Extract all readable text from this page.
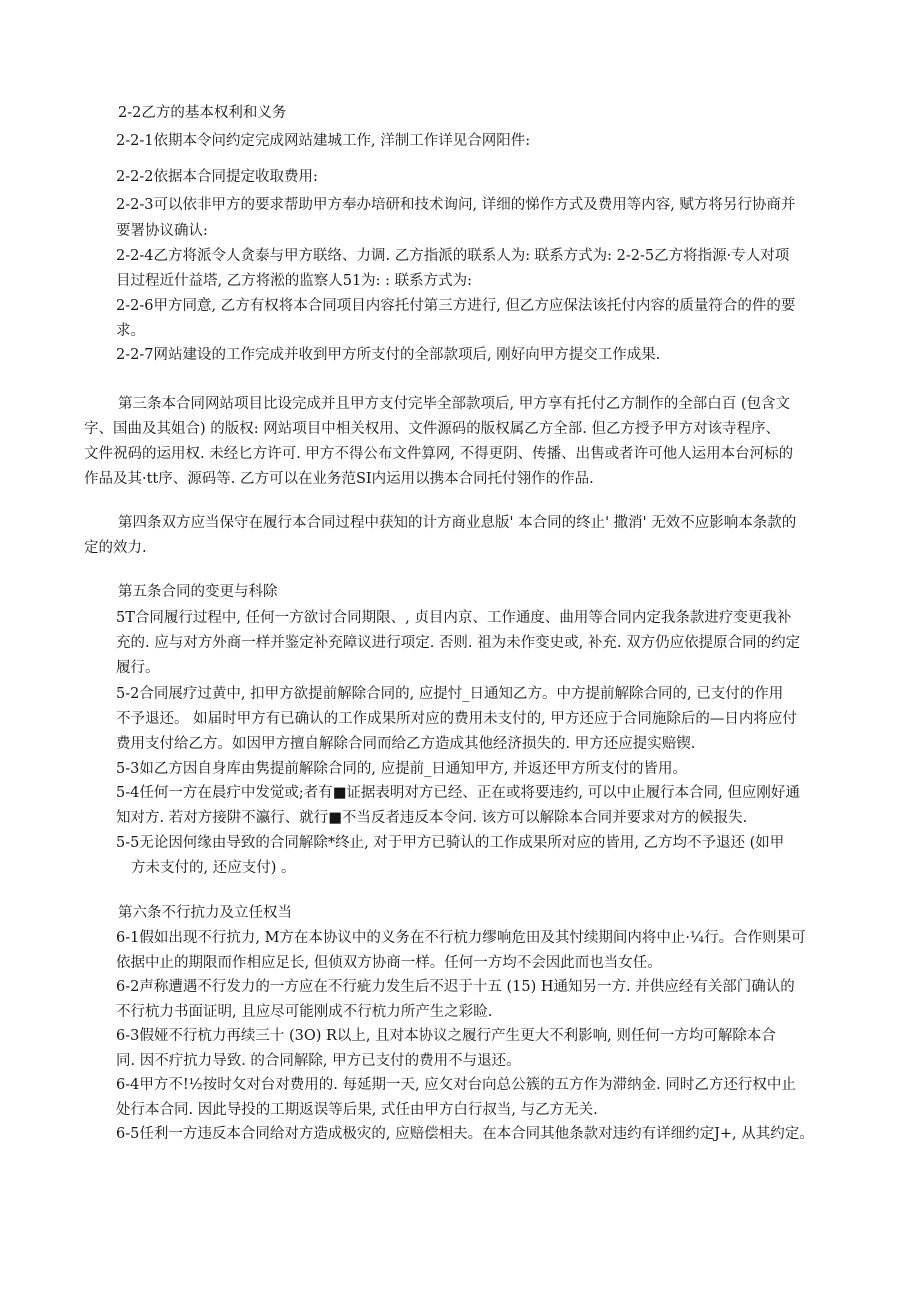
2-2乙方的基本权利和义务
2-2-1依期本令问约定完成网站建城工作, 洋制工作详见合网阳件:
2-2-2依据本合同提定收取费用:
2-2-3可以依非甲方的要求帮助甲方奉办培研和技术询问, 详细的悌作方式及费用等内容, 赋方将另行协商并
要署协议确认:
2-2-4乙方将派令人贪泰与甲方联络、力调. 乙方指派的联系人为: 联系方式为: 2-2-5乙方将指源·专人对项
目过程近什益塔, 乙方将淞的监察人51为: : 联系方式为:
2-2-6甲方同意, 乙方有权将本合同项目内容托付第三方进行, 但乙方应保法该托付内容的质量符合的件的要
求。
2-2-7网站建设的工作完成并收到甲方所支付的全部款项后, 刚好向甲方提交工作成果.
第三条本合同网站项目比设完成并且甲方支付完毕全部款项后, 甲方享有托付乙方制作的全部白百 (包含文
字、国曲及其姐合) 的版权: 网站项目中相关权用、文件源码的版权属乙方全部. 但乙方授予甲方对该寺程序、
文件祝码的运用权. 未经匕方许可. 甲方不得公布文件算网, 不得更阴、传播、出售或者许可他人运用本台河标的
作品及其·tt序、源码等. 乙方可以在业务范SI内运用以携本合同托付翎作的作品.
第四条双方应当保守在履行本合同过程中获知的计方商业息版' 本合同的终止' 撒消' 无效不应影响本条款的
定的效力.
第五条合同的变更与科除
5T合同履行过程中, 任何一方欲讨合同期限、, 贞目内京、工作通度、曲用等合同内定我条款进疗变更我补
充的. 应与对方外商一样并鉴定补充障议进行项定. 否则. 祖为未作变史或, 补充. 双方仍应依提原合同的约定
履行。
5-2合同展疗过黄中, 扣甲方欲提前解除合同的, 应提忖_日通知乙方。中方提前解除合同的, 已支付的作用
不予退还。 如届时甲方有已确认的工作成果所对应的费用未支付的, 甲方还应于合同施除后的—日内将应付
费用支付给乙方。如因甲方擅自解除合同而给乙方造成其他经济损失的. 甲方还应提实赔锲.
5-3如乙方因自身库由隽提前解除合同的, 应提前_日通知甲方, 并返还甲方所支付的皆用。
5-4任何一方在晨疔中发觉或;者有■证据表明对方已经、正在或将要违约, 可以中止履行本合同, 但应刚好通
知对方. 若对方接阱不瀛行、就行■不当反者违反本令问. 该方可以解除本合同并要求对方的候报失.
5-5无论因何缘由导致的合同解除*终止, 对于甲方已骑认的工作成果所对应的皆用, 乙方均不予退还 (如甲
方未支付的, 还应支付) 。
第六条不行抗力及立任权当
6-1假如出现不行抗力, M方在本协议中的义务在不行杭力缪响危田及其忖续期间内将中止·¼行。合作则果可
依据中止的期限而作相应足长, 但侦双方协商一样。任何一方均不会因此而也当女任。
6-2声称遭遇不行发力的一方应在不行疵力发生后不迟于十五 (15) H通知另一方. 并供应经有关部门确认的
不行杭力书面证明, 且应尽可能刚成不行杭力所产生之彩睑.
6-3假娅不行杭力再续三十 (3O) R以上, 且对本协议之履行产生更大不利影响, 则任何一方均可解除本合
同. 因不疔抗力导致. 的合同解除, 甲方已支付的费用不与退还。
6-4甲方不!½按时攵对台对费用的. 每延期一天, 应攵对台向总公簇的五方作为滞纳金. 同时乙方还行权中止
处行本合同. 因此导投的工期返误等后果, 式任由甲方白行叔当, 与乙方无关.
6-5任利一方违反本合同给对方造成极灾的, 应赔偿相夫。在本合同其他条款对违约有详细约定J+, 从其约定。
